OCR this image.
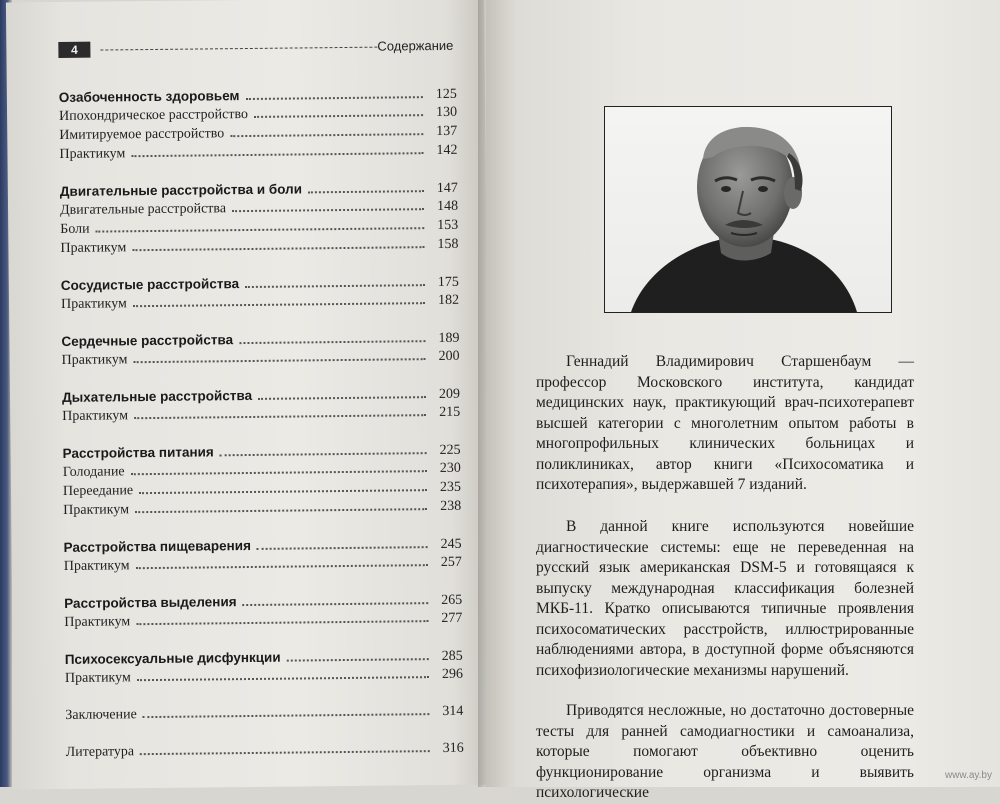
4	Содержание
Озабоченность здоровьем	125
Ипохондрическое расстройство	130
Имитируемое расстройство	137
Практикум	142
Двигательные расстройства и боли	147
Двигательные расстройства	148
Боли	153
Практикум	158
Сосудистые расстройства	175
Практикум	182
Сердечные расстройства	189
Практикум	200
Дыхательные расстройства	209
Практикум	215
Расстройства питания	225
Голодание	230
Переедание	235
Практикум	238
Расстройства пищеварения	245
Практикум	257
Расстройства выделения	265
Практикум	277
Психосексуальные дисфункции	285
Практикум	296
Заключение	314
Литература	316

Геннадий Владимирович Старшенбаум — профессор Московского института, кандидат медицинских наук, практикующий врач-психотерапевт высшей категории с многолетним опытом работы в многопрофильных клинических больницах и поликлиниках, автор книги «Психосоматика и психотерапия», выдержавшей 7 изданий.

В данной книге используются новейшие диагностические системы: еще не переведенная на русский язык американская DSM-5 и готовящаяся к выпуску международная классификация болезней МКБ-11. Кратко описываются типичные проявления психосоматических расстройств, иллюстрированные наблюдениями автора, в доступной форме объясняются психофизиологические механизмы нарушений.

Приводятся несложные, но достаточно достоверные тесты для ранней самодиагностики и самоанализа, которые помогают объективно оценить функционирование организма и выявить психологические

www.ay.by
